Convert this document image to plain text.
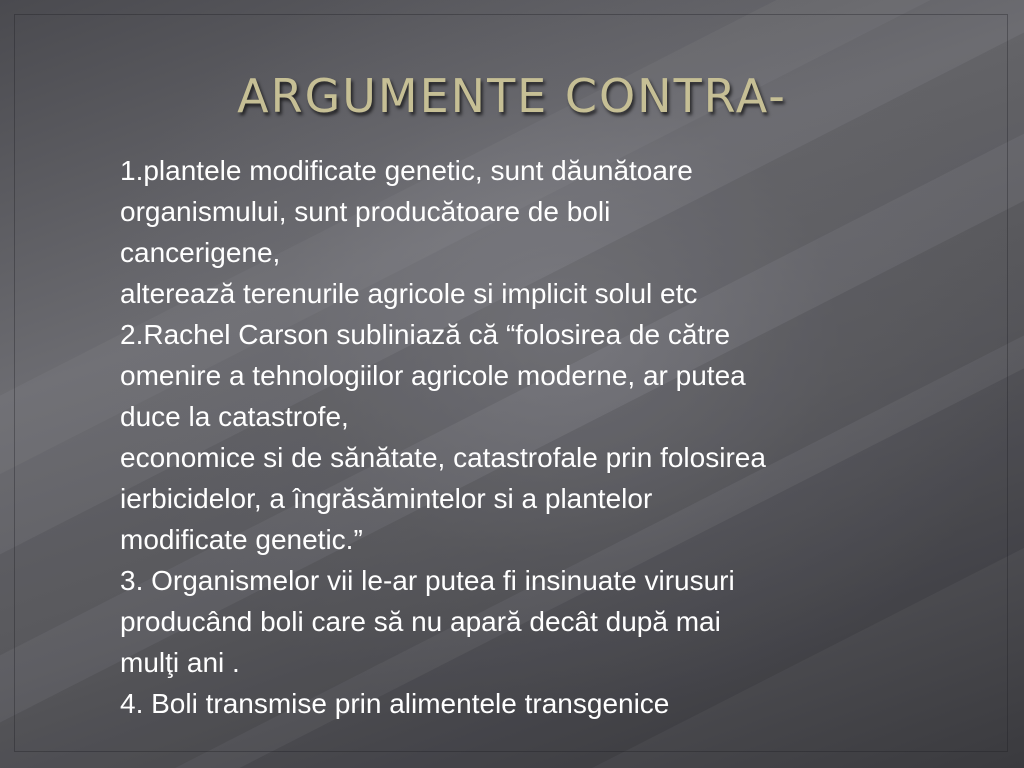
ARGUMENTE CONTRA-
1.plantele modificate genetic, sunt dăunătoare
organismului, sunt producătoare de boli
cancerigene,
alterează terenurile agricole si implicit solul etc
2.Rachel Carson subliniază că “folosirea de către
omenire a tehnologiilor agricole moderne, ar putea
duce la catastrofe,
economice si de sănătate, catastrofale prin folosirea
ierbicidelor, a îngrăsămintelor si a plantelor
modificate genetic.”
3. Organismelor vii le-ar putea fi insinuate virusuri
producând boli care să nu apară decât după mai
mulţi ani .
4. Boli transmise prin alimentele transgenice
